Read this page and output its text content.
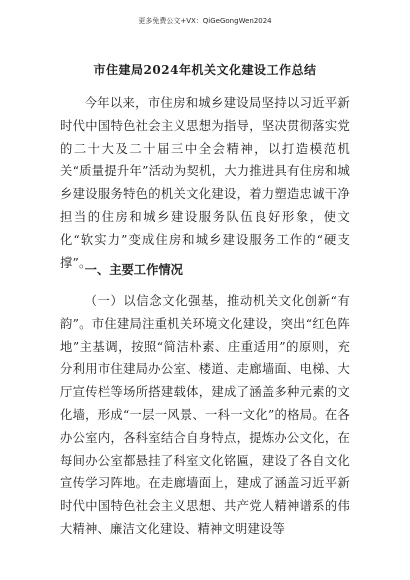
更多免费公文+VX：QiGeGongWen2024
市住建局2024年机关文化建设工作总结

今年以来，市住房和城乡建设局坚持以习近平新时代中国特色社会主义思想为指导，坚决贯彻落实党的二十大及二十届三中全会精神，以打造模范机关“质量提升年”活动为契机，大力推进具有住房和城乡建设服务特色的机关文化建设，着力塑造忠诚干净担当的住房和城乡建设服务队伍良好形象，使文化“软实力”变成住房和城乡建设服务工作的“硬支撑”。

一、主要工作情况

（一）以信念文化强基，推动机关文化创新“有韵”。市住建局注重机关环境文化建设，突出“红色阵地”主基调，按照“简洁朴素、庄重适用”的原则，充分利用市住建局办公室、楼道、走廊墙面、电梯、大厅宣传栏等场所搭建载体，建成了涵盖多种元素的文化墙，形成“一层一风景、一科一文化”的格局。在各办公室内，各科室结合自身特点，提炼办公文化，在每间办公室都悬挂了科室文化铭匾，建设了各自文化宣传学习阵地。在走廊墙面上，建成了涵盖习近平新时代中国特色社会主义思想、共产党人精神谱系的伟大精神、廉洁文化建设、精神文明建设等
